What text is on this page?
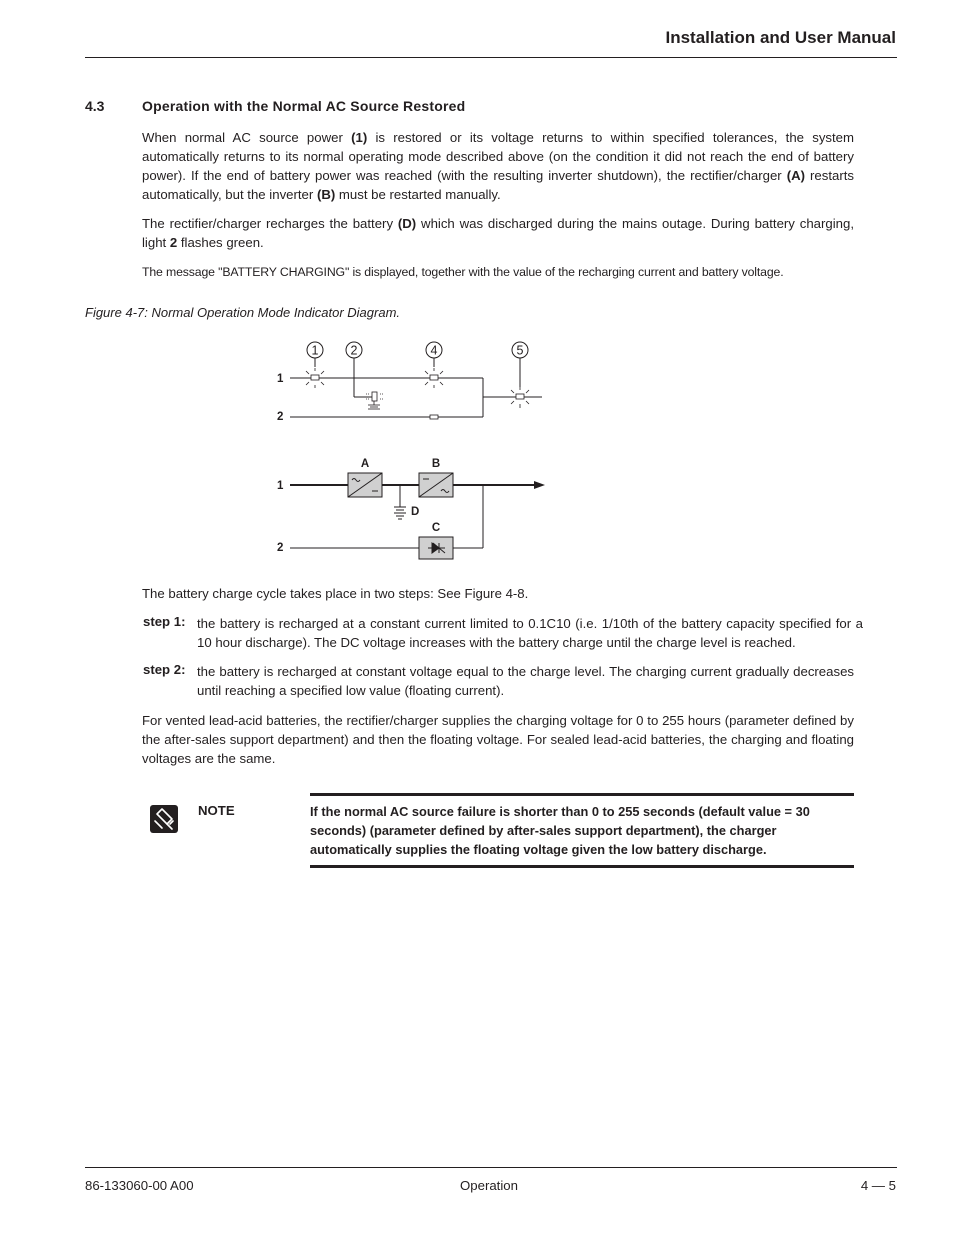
Installation and User Manual
4.3	Operation with the Normal AC Source Restored
When normal AC source power (1) is restored or its voltage returns to within specified tolerances, the system automatically returns to its normal operating mode described above (on the condition it did not reach the end of battery power). If the end of battery power was reached (with the resulting inverter shutdown), the rectifier/charger (A) restarts automatically, but the inverter (B) must be restarted manually.
The rectifier/charger recharges the battery (D) which was discharged during the mains outage. During battery charging, light 2 flashes green.
The message "BATTERY CHARGING" is displayed, together with the value of the recharging current and battery voltage.
Figure 4-7: Normal Operation Mode Indicator Diagram.
1	2	4	5
1
2
1
2
A	B
C
D
The battery charge cycle takes place in two steps: See Figure 4-8.
step 1: the battery is recharged at a constant current limited to 0.1C10 (i.e. 1/10th of the battery capacity specified for a 10 hour discharge). The DC voltage increases with the battery charge until the charge level is reached.
step 2: the battery is recharged at constant voltage equal to the charge level. The charging current gradually decreases until reaching a specified low value (floating current).
For vented lead-acid batteries, the rectifier/charger supplies the charging voltage for 0 to 255 hours (parameter defined by the after-sales support department) and then the floating voltage. For sealed lead-acid batteries, the charging and floating voltages are the same.
NOTE	If the normal AC source failure is shorter than 0 to 255 seconds (default value = 30 seconds) (parameter defined by after-sales support department), the charger automatically supplies the floating voltage given the low battery discharge.
86-133060-00 A00	Operation	4 — 5
